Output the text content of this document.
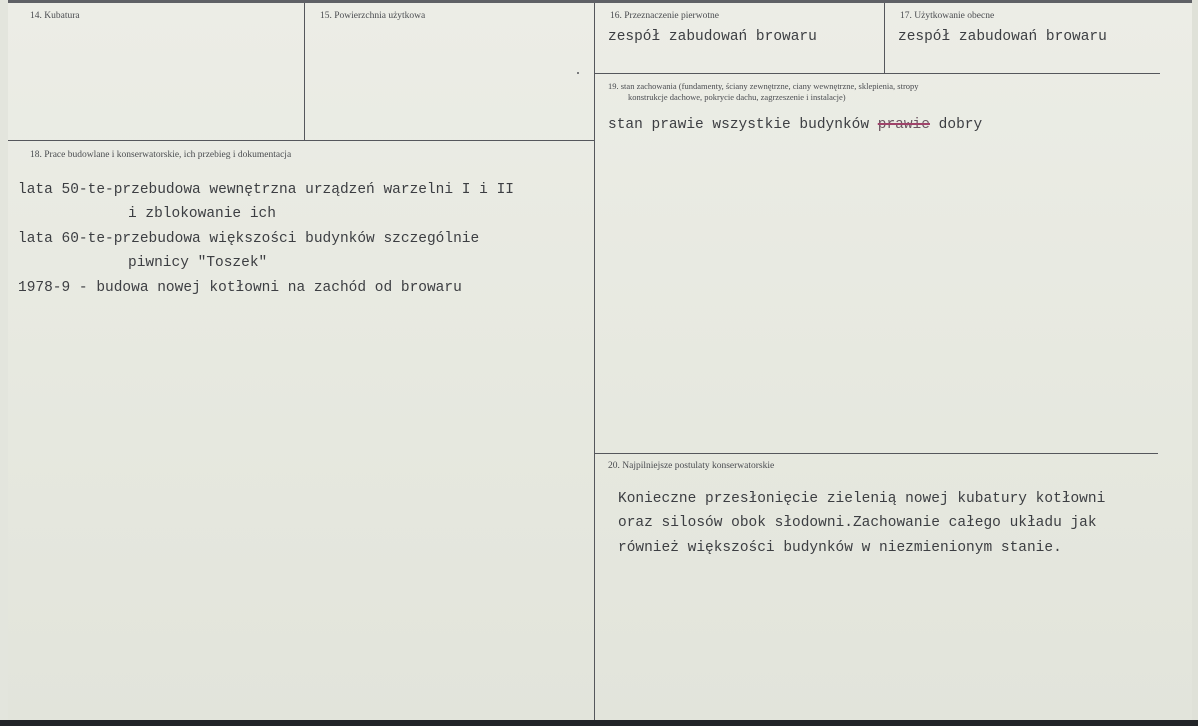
14. Kubatura	15. Powierzchnia użytkowa	16. Przeznaczenie pierwotne
zespół zabudowań browaru
17. Użytkowanie obecne
zespół zabudowań browaru
19. stan zachowania (fundamenty, ściany zewnętrzne, ciany wewnętrzne, sklepienia, stropy
konstrukcje dachowe, pokrycie dachu, zagrzeszenie i instalacje)
stan prawie wszystkie budynków prawie dobry
18. Prace budowlane i konserwatorskie, ich przebieg i dokumentacja
lata 50-te-przebudowa wewnętrzna urządzeń warzelni I i II
i zblokowanie ich
lata 60-te-przebudowa większości budynków szczególnie
piwnicy "Toszek"
1978-9 - budowa nowej kotłowni na zachód od browaru
20. Najpilniejsze postulaty konserwatorskie
Konieczne przesłonięcie zielenią nowej kubatury kotłowni
oraz silosów obok słodowni.Zachowanie całego układu jak
również większości budynków w niezmienionym stanie.
